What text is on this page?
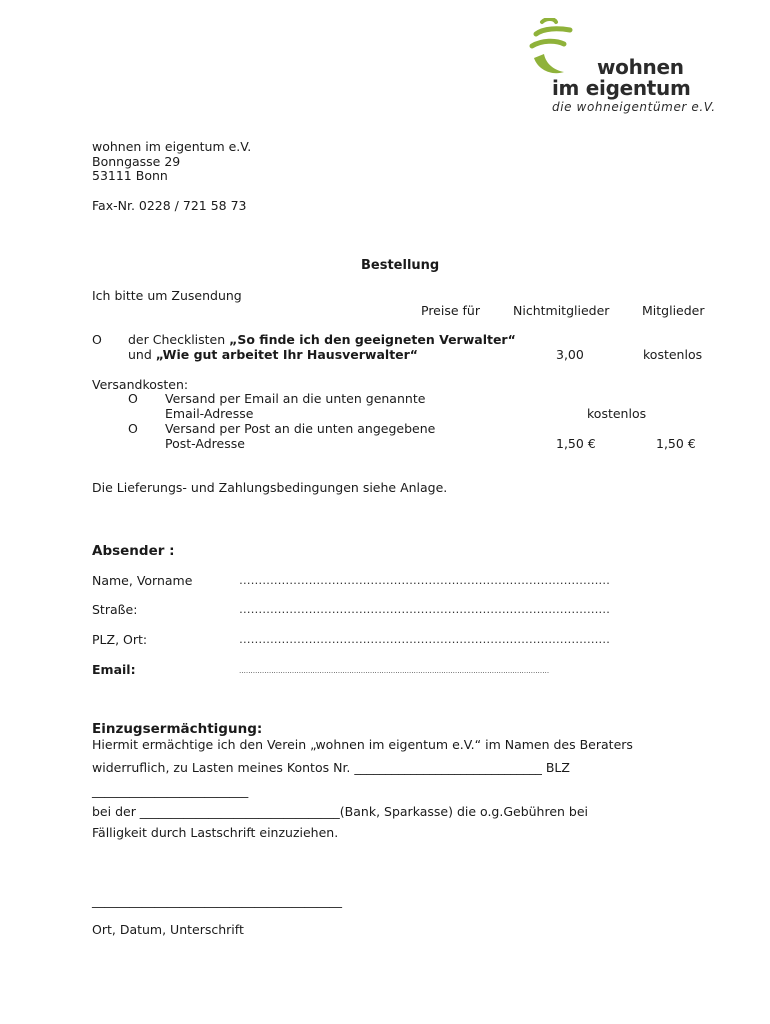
wohnen
im eigentum
die wohneigentümer e.V.
wohnen im eigentum e.V.
Bonngasse 29
53111 Bonn
Fax-Nr. 0228 / 721 58 73
Bestellung
Ich bitte um Zusendung
Preise für	Nichtmitglieder	Mitglieder
O der Checklisten „So finde ich den geeigneten Verwalter“
und „Wie gut arbeitet Ihr Hausverwalter“	3,00	kostenlos
Versandkosten:
O Versand per Email an die unten genannte
Email-Adresse	kostenlos
O Versand per Post an die unten angegebene
Post-Adresse	1,50 €	1,50 €
Die Lieferungs- und Zahlungsbedingungen siehe Anlage.
Absender :
Name, Vorname	……………………………………………………………………………………
Straße:	……………………………………………………………………………………
PLZ, Ort:	……………………………………………………………………………………
Email:	………………………………………………………………………………………………………………………
Einzugsermächtigung:
Hiermit ermächtige ich den Verein „wohnen im eigentum e.V.“ im Namen des Beraters
widerruflich, zu Lasten meines Kontos Nr. ______________________________ BLZ
_________________________
bei der ________________________________(Bank, Sparkasse) die o.g.Gebühren bei
Fälligkeit durch Lastschrift einzuziehen.
________________________________________
Ort, Datum, Unterschrift
